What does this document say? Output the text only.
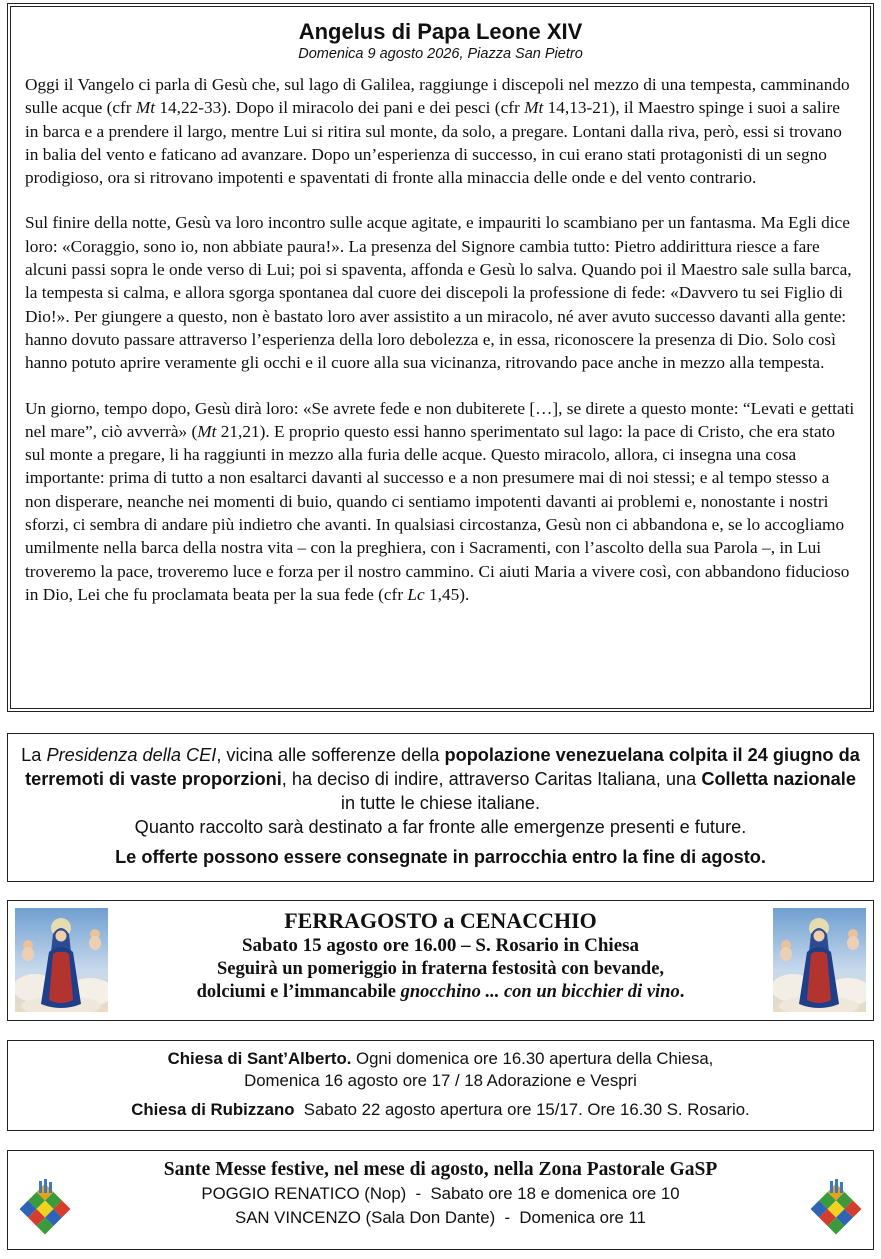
Angelus di Papa Leone XIV
Domenica 9 agosto 2026, Piazza San Pietro

Oggi il Vangelo ci parla di Gesù che, sul lago di Galilea, raggiunge i discepoli nel mezzo di una tempesta, camminando sulle acque (cfr Mt 14,22-33). Dopo il miracolo dei pani e dei pesci (cfr Mt 14,13-21), il Maestro spinge i suoi a salire in barca e a prendere il largo, mentre Lui si ritira sul monte, da solo, a pregare. Lontani dalla riva, però, essi si trovano in balia del vento e faticano ad avanzare. Dopo un’esperienza di successo, in cui erano stati protagonisti di un segno prodigioso, ora si ritrovano impotenti e spaventati di fronte alla minaccia delle onde e del vento contrario.

Sul finire della notte, Gesù va loro incontro sulle acque agitate, e impauriti lo scambiano per un fantasma. Ma Egli dice loro: «Coraggio, sono io, non abbiate paura!». La presenza del Signore cambia tutto: Pietro addirittura riesce a fare alcuni passi sopra le onde verso di Lui; poi si spaventa, affonda e Gesù lo salva. Quando poi il Maestro sale sulla barca, la tempesta si calma, e allora sgorga spontanea dal cuore dei discepoli la professione di fede: «Davvero tu sei Figlio di Dio!». Per giungere a questo, non è bastato loro aver assistito a un miracolo, né aver avuto successo davanti alla gente: hanno dovuto passare attraverso l’esperienza della loro debolezza e, in essa, riconoscere la presenza di Dio. Solo così hanno potuto aprire veramente gli occhi e il cuore alla sua vicinanza, ritrovando pace anche in mezzo alla tempesta.

Un giorno, tempo dopo, Gesù dirà loro: «Se avrete fede e non dubiterete […], se direte a questo monte: “Levati e gettati nel mare”, ciò avverrà» (Mt 21,21). E proprio questo essi hanno sperimentato sul lago: la pace di Cristo, che era stato sul monte a pregare, li ha raggiunti in mezzo alla furia delle acque. Questo miracolo, allora, ci insegna una cosa importante: prima di tutto a non esaltarci davanti al successo e a non presumere mai di noi stessi; e al tempo stesso a non disperare, neanche nei momenti di buio, quando ci sentiamo impotenti davanti ai problemi e, nonostante i nostri sforzi, ci sembra di andare più indietro che avanti. In qualsiasi circostanza, Gesù non ci abbandona e, se lo accogliamo umilmente nella barca della nostra vita – con la preghiera, con i Sacramenti, con l’ascolto della sua Parola –, in Lui troveremo la pace, troveremo luce e forza per il nostro cammino. Ci aiuti Maria a vivere così, con abbandono fiducioso in Dio, Lei che fu proclamata beata per la sua fede (cfr Lc 1,45).

La Presidenza della CEI, vicina alle sofferenze della popolazione venezuelana colpita il 24 giugno da terremoti di vaste proporzioni, ha deciso di indire, attraverso Caritas Italiana, una Colletta nazionale in tutte le chiese italiane.
Quanto raccolto sarà destinato a far fronte alle emergenze presenti e future.
Le offerte possono essere consegnate in parrocchia entro la fine di agosto.
FERRAGOSTO a CENACCHIO
Sabato 15 agosto ore 16.00 – S. Rosario in Chiesa
Seguirà un pomeriggio in fraterna festosità con bevande,
dolciumi e l’immancabile gnocchino ... con un bicchier di vino.
Chiesa di Sant’Alberto. Ogni domenica ore 16.30 apertura della Chiesa,
Domenica 16 agosto ore 17 / 18 Adorazione e Vespri
Chiesa di Rubizzano  Sabato 22 agosto apertura ore 15/17. Ore 16.30 S. Rosario.
Sante Messe festive, nel mese di agosto, nella Zona Pastorale GaSP
POGGIO RENATICO (Nop)  -  Sabato ore 18 e domenica ore 10
SAN VINCENZO (Sala Don Dante)  -  Domenica ore 11
